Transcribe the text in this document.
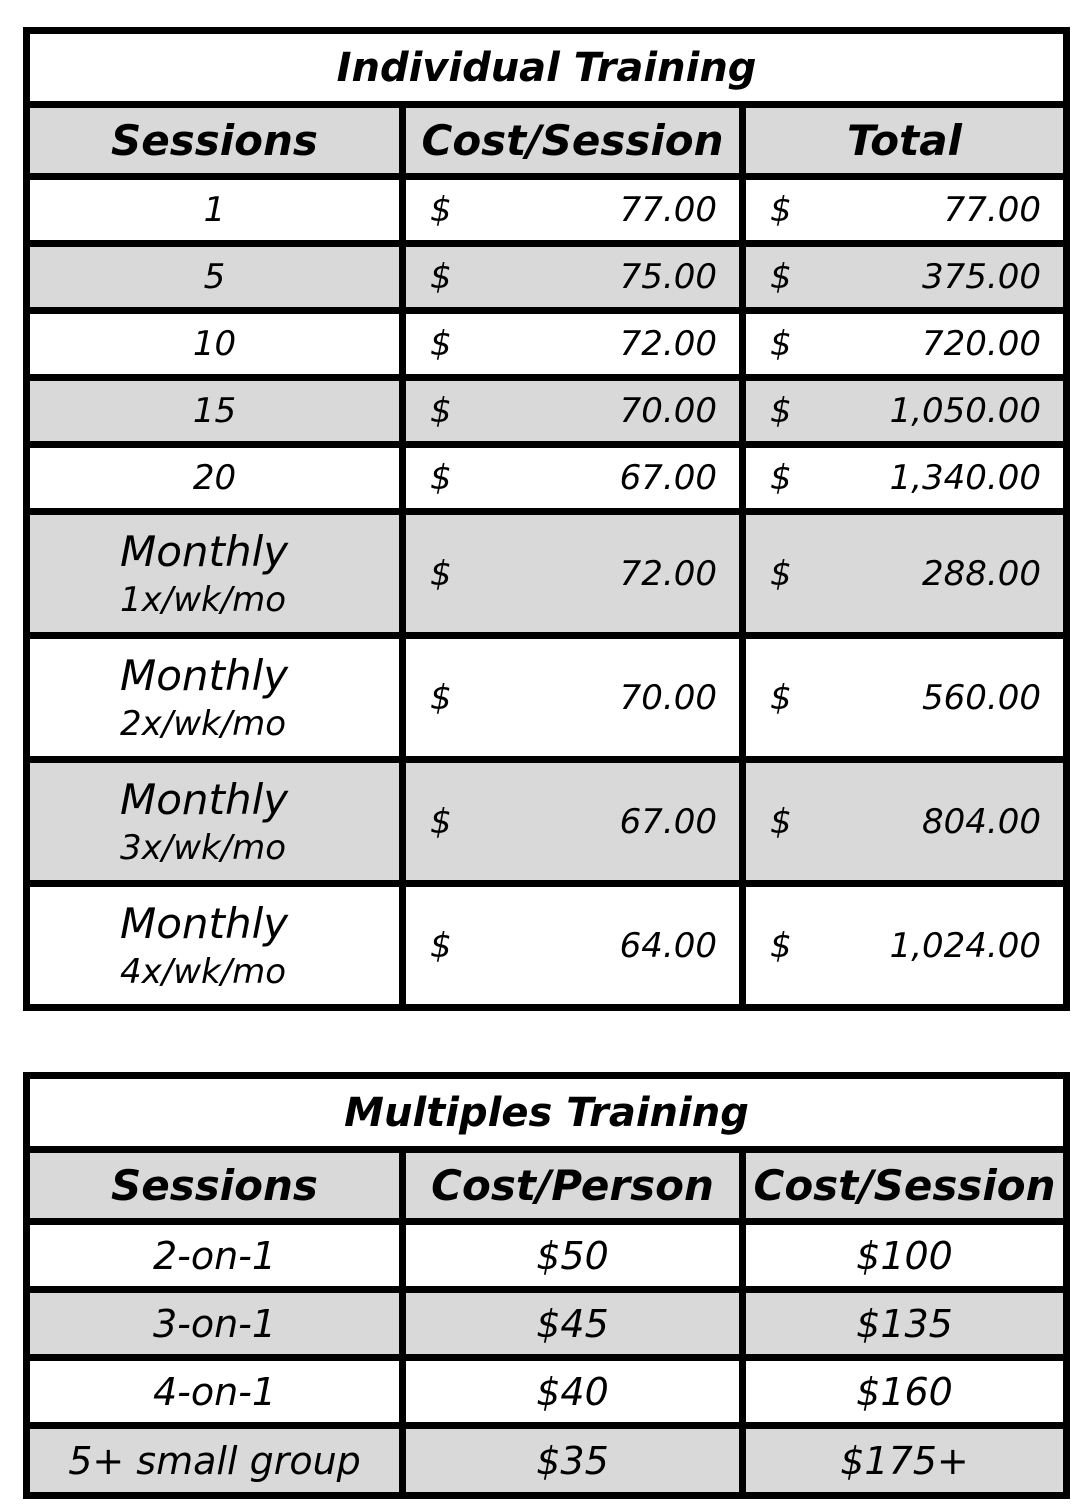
Individual Training		
Sessions	Cost/Session	Total
1	$ 77.00	$ 77.00

5	$ 75.00	$ 375.00

10	$ 72.00	$ 720.00

15	$ 70.00	$ 1,050.00

20	$ 67.00	$ 1,340.00

Monthly
1x/wk/mo	$ 72.00	$ 288.00

Monthly
2x/wk/mo	$ 70.00	$ 560.00

Monthly
3x/wk/mo	$ 67.00	$ 804.00

Monthly
4x/wk/mo	$ 64.00	$ 1,024.00
Multiples Training		
Sessions	Cost/Person	Cost/Session
2-on-1	$50	$100
3-on-1	$45	$135
4-on-1	$40	$160
5+ small group	$35	$175+
